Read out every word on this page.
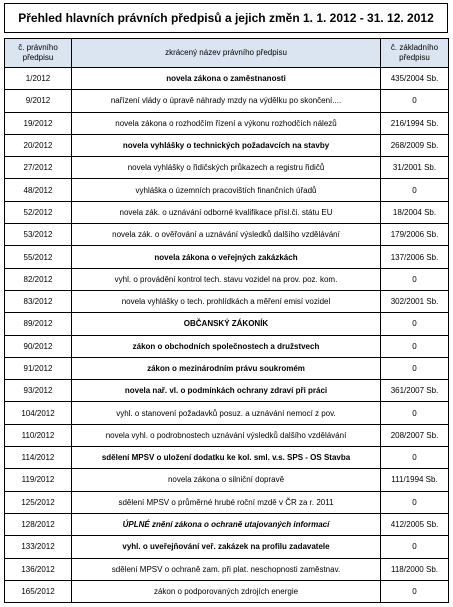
Přehled hlavních právních předpisů a jejich změn 1. 1. 2012 - 31. 12. 2012
č. právního předpisu	zkrácený název právního předpisu	č. základního předpisu
1/2012	novela zákona o zaměstnanosti	435/2004 Sb.
9/2012	nařízení vlády o úpravě náhrady mzdy na výdělku po skončení....	0
19/2012	novela zákona o rozhodčím řízení a výkonu rozhodčích nálezů	216/1994 Sb.
20/2012	novela vyhlášky o technických požadavcích na stavby	268/2009 Sb.
27/2012	novela vyhlášky o řidičských průkazech a registru řidičů	31/2001 Sb.
48/2012	vyhláška o územních pracovištích finančních úřadů	0
52/2012	novela zák. o uznávání odborné kvalifikace přísl.či. státu EU	18/2004 Sb.
53/2012	novela zák. o ověřování a uznávání výsledků dalšího vzdělávání	179/2006 Sb.
55/2012	novela zákona o veřejných zakázkách	137/2006 Sb.
82/2012	vyhl. o provádění kontrol tech. stavu vozidel na prov. poz. kom.	0
83/2012	novela vyhlášky o tech. prohlídkách a měření emisí vozidel	302/2001 Sb.
89/2012	OBČANSKÝ ZÁKONÍK	0
90/2012	zákon o obchodních společnostech a družstvech	0
91/2012	zákon o mezinárodním právu soukromém	0
93/2012	novela nař. vl. o podmínkách ochrany zdraví při práci	361/2007 Sb.
104/2012	vyhl. o stanovení požadavků posuz. a uznávání nemocí z pov.	0
110/2012	novela vyhl. o podrobnostech uznávání výsledků dalšího vzdělávání	208/2007 Sb.
114/2012	sdělení MPSV o uložení dodatku ke kol. sml. v.s. SPS - OS Stavba	0
119/2012	novela zákona o silniční dopravě	111/1994 Sb.
125/2012	sdělení MPSV o průměrné hrubé roční mzdě v ČR za r. 2011	0
128/2012	ÚPLNÉ znění zákona o ochraně utajovaných informací	412/2005 Sb.
133/2012	vyhl. o uveřejňování veř. zakázek na profilu zadavatele	0
136/2012	sdělení MPSV o ochraně zam. při plat. neschopnosti zaměstnav.	118/2000 Sb.
165/2012	zákon o podporovaných zdrojích energie	0
